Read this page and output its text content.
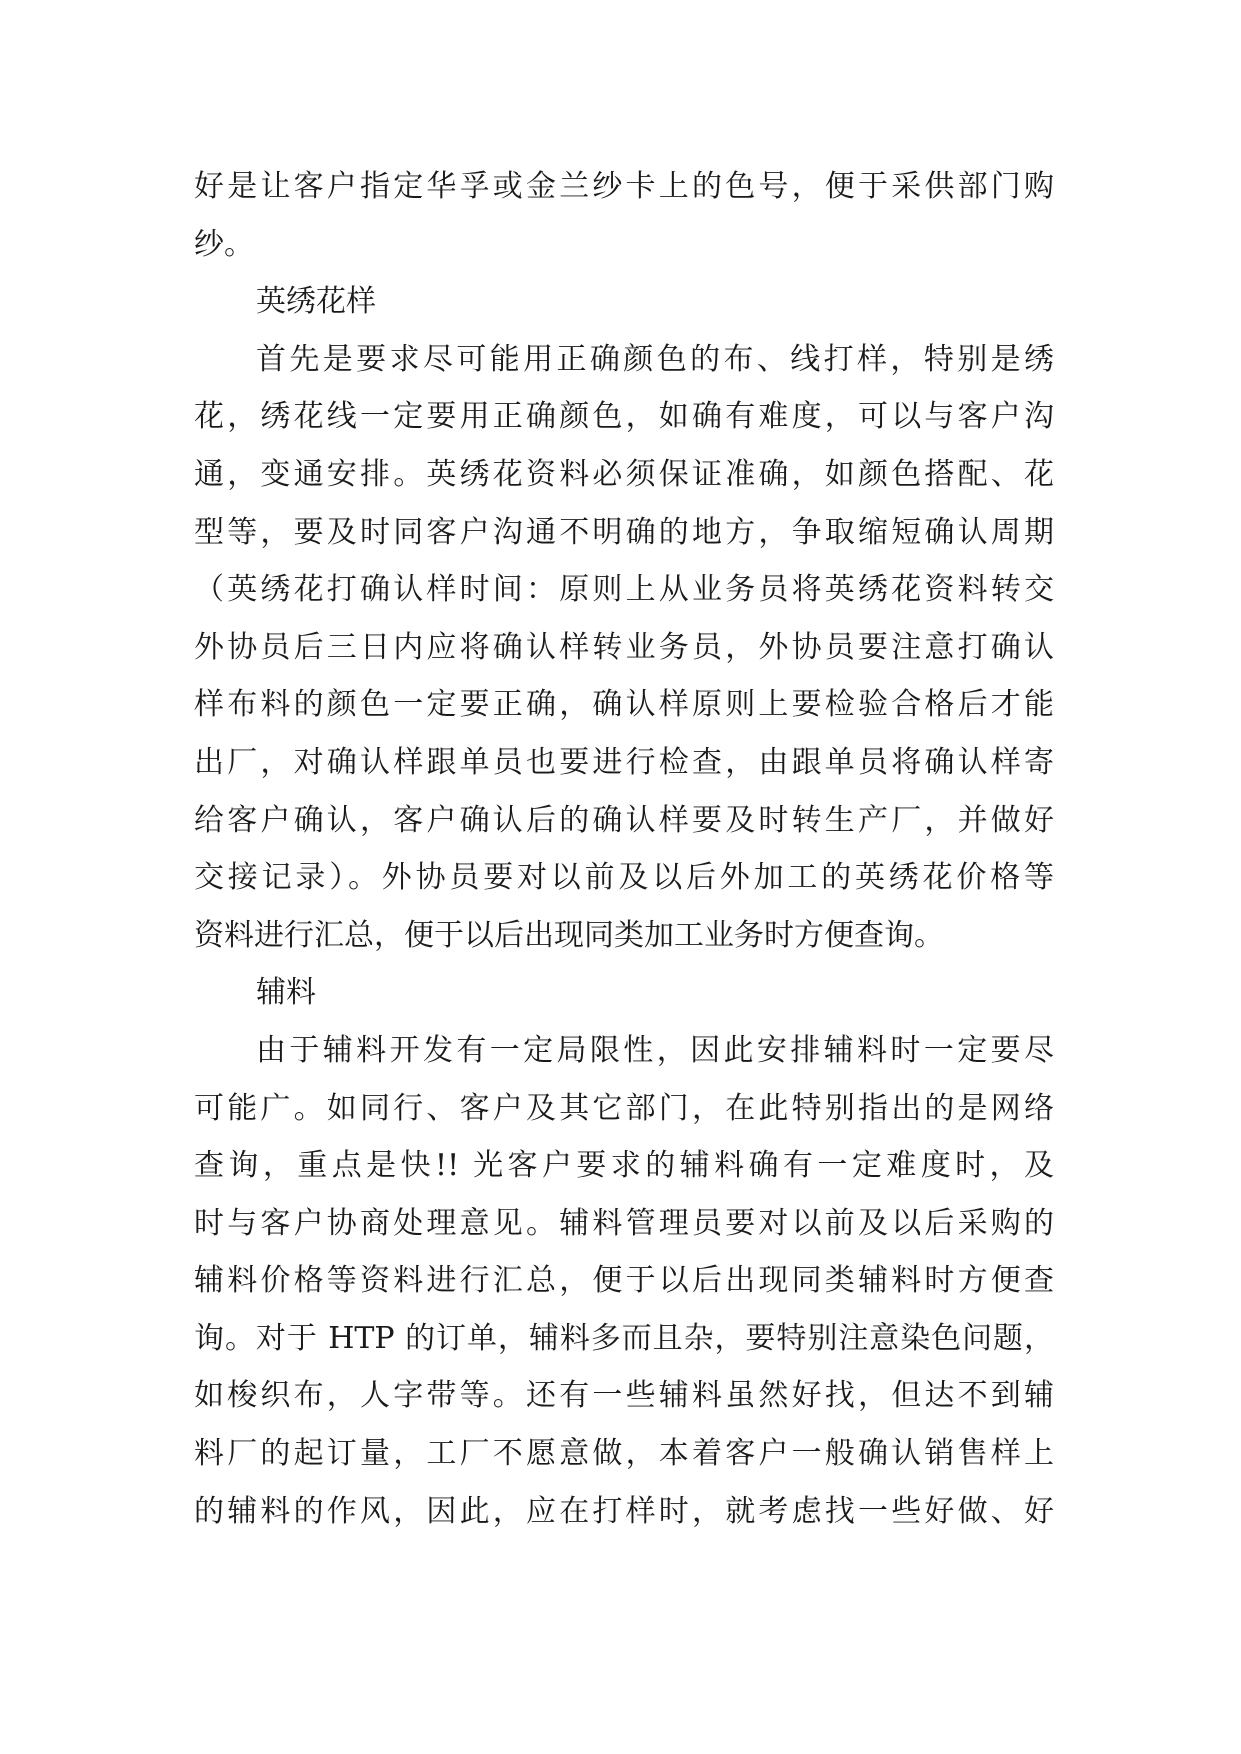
好是让客户指定华孚或金兰纱卡上的色号，便于采供部门购
纱。
英绣花样
首先是要求尽可能用正确颜色的布、线打样，特别是绣
花，绣花线一定要用正确颜色，如确有难度，可以与客户沟
通，变通安排。英绣花资料必须保证准确，如颜色搭配、花
型等，要及时同客户沟通不明确的地方，争取缩短确认周期
（英绣花打确认样时间：原则上从业务员将英绣花资料转交
外协员后三日内应将确认样转业务员，外协员要注意打确认
样布料的颜色一定要正确，确认样原则上要检验合格后才能
出厂，对确认样跟单员也要进行检查，由跟单员将确认样寄
给客户确认，客户确认后的确认样要及时转生产厂，并做好
交接记录）。外协员要对以前及以后外加工的英绣花价格等
资料进行汇总，便于以后出现同类加工业务时方便查询。
辅料
由于辅料开发有一定局限性，因此安排辅料时一定要尽
可能广。如同行、客户及其它部门，在此特别指出的是网络
查询，重点是快!! 光客户要求的辅料确有一定难度时，及
时与客户协商处理意见。辅料管理员要对以前及以后采购的
辅料价格等资料进行汇总，便于以后出现同类辅料时方便查
询。对于 HTP 的订单，辅料多而且杂，要特别注意染色问题，
如梭织布，人字带等。还有一些辅料虽然好找，但达不到辅
料厂的起订量，工厂不愿意做，本着客户一般确认销售样上
的辅料的作风，因此，应在打样时，就考虑找一些好做、好
